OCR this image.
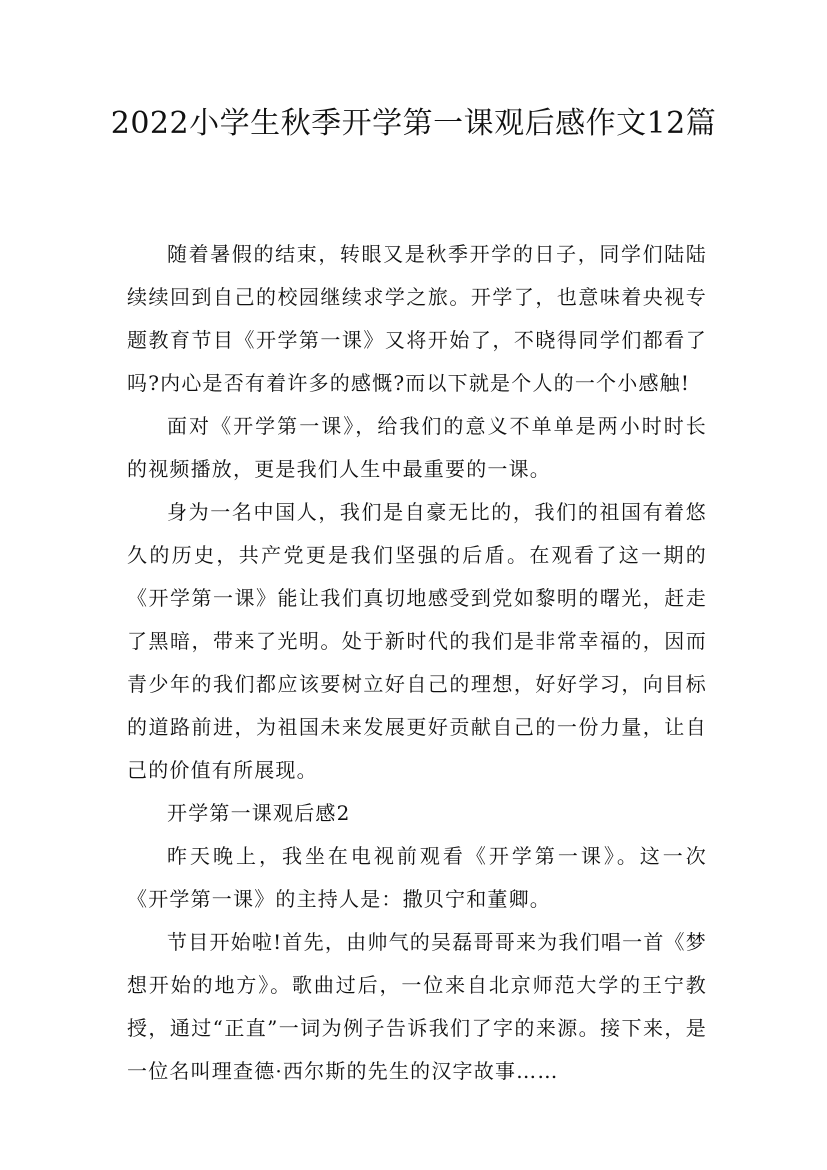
2022小学生秋季开学第一课观后感作文12篇

随着暑假的结束，转眼又是秋季开学的日子，同学们陆陆续续回到自己的校园继续求学之旅。开学了，也意味着央视专题教育节目《开学第一课》又将开始了，不晓得同学们都看了吗?内心是否有着许多的感慨?而以下就是个人的一个小感触!

面对《开学第一课》，给我们的意义不单单是两小时时长的视频播放，更是我们人生中最重要的一课。

身为一名中国人，我们是自豪无比的，我们的祖国有着悠久的历史，共产党更是我们坚强的后盾。在观看了这一期的《开学第一课》能让我们真切地感受到党如黎明的曙光，赶走了黑暗，带来了光明。处于新时代的我们是非常幸福的，因而青少年的我们都应该要树立好自己的理想，好好学习，向目标的道路前进，为祖国未来发展更好贡献自己的一份力量，让自己的价值有所展现。

开学第一课观后感2

昨天晚上，我坐在电视前观看《开学第一课》。这一次《开学第一课》的主持人是：撒贝宁和董卿。

节目开始啦!首先，由帅气的吴磊哥哥来为我们唱一首《梦想开始的地方》。歌曲过后，一位来自北京师范大学的王宁教授，通过“正直”一词为例子告诉我们了字的来源。接下来，是一位名叫理查德·西尔斯的先生的汉字故事……
